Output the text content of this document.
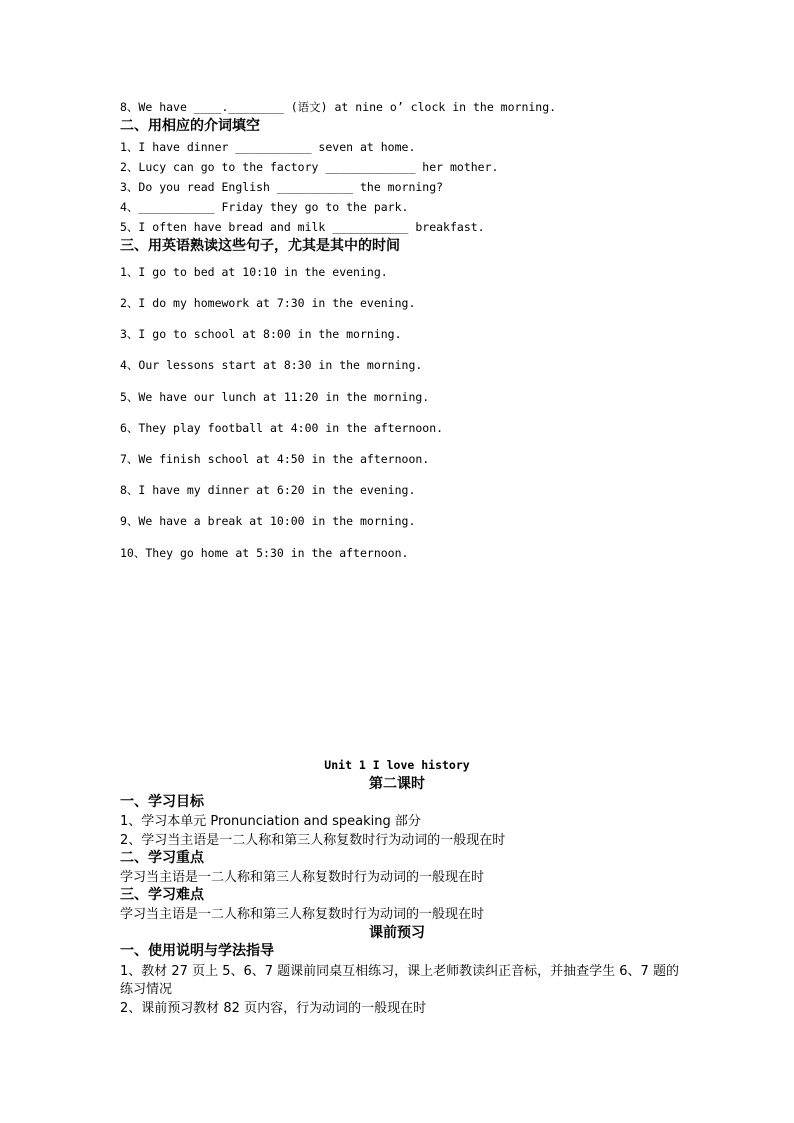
8、We have ____.________ (语文) at nine o’ clock in the morning.
二、用相应的介词填空
1、I have dinner ___________ seven at home.
2、Lucy can go to the factory _____________ her mother.
3、Do you read English ___________ the morning?
4、___________ Friday they go to the park.
5、I often have bread and milk ___________ breakfast.
三、用英语熟读这些句子，尤其是其中的时间
1、I go to bed at 10:10 in the evening.
2、I do my homework at 7:30 in the evening.
3、I go to school at 8:00 in the morning.
4、Our lessons start at 8:30 in the morning.
5、We have our lunch at 11:20 in the morning.
6、They play football at 4:00 in the afternoon.
7、We finish school at 4:50 in the afternoon.
8、I have my dinner at 6:20 in the evening.
9、We have a break at 10:00 in the morning.
10、They go home at 5:30 in the afternoon.
Unit 1 I love history
第二课时
一、学习目标
1、学习本单元 Pronunciation and speaking 部分
2、学习当主语是一二人称和第三人称复数时行为动词的一般现在时
二、学习重点
学习当主语是一二人称和第三人称复数时行为动词的一般现在时
三、学习难点
学习当主语是一二人称和第三人称复数时行为动词的一般现在时
课前预习
一、使用说明与学法指导
1、教材 27 页上 5、6、7 题课前同桌互相练习，课上老师教读纠正音标，并抽查学生 6、7 题的练习情况
2、课前预习教材 82 页内容，行为动词的一般现在时
